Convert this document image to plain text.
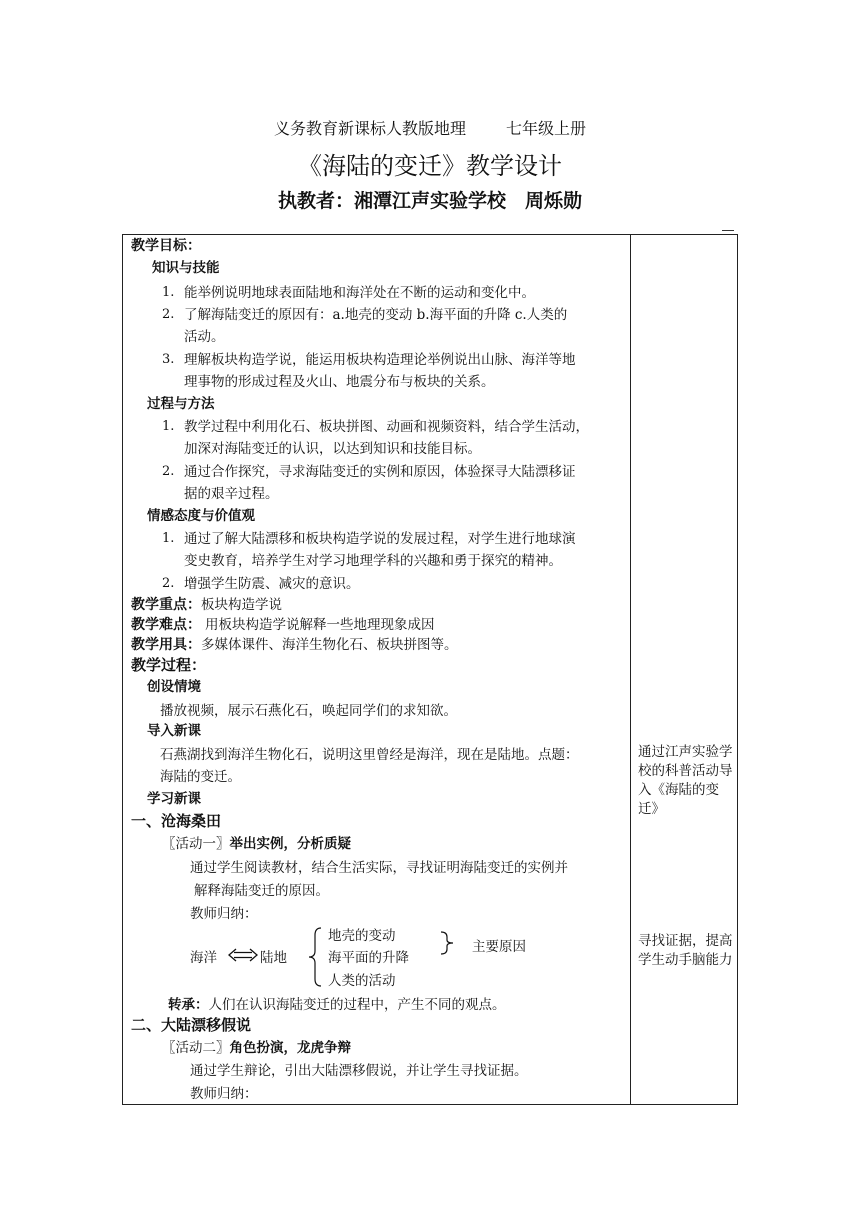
义务教育新课标人教版地理	七年级上册
《海陆的变迁》教学设计
执教者：湘潭江声实验学校　周烁勋
教学目标：
知识与技能
1. 能举例说明地球表面陆地和海洋处在不断的运动和变化中。
2. 了解海陆变迁的原因有：a.地壳的变动 b.海平面的升降 c.人类的
活动。
3. 理解板块构造学说，能运用板块构造理论举例说出山脉、海洋等地
理事物的形成过程及火山、地震分布与板块的关系。
过程与方法
1. 教学过程中利用化石、板块拼图、动画和视频资料，结合学生活动，
加深对海陆变迁的认识，以达到知识和技能目标。
2. 通过合作探究，寻求海陆变迁的实例和原因，体验探寻大陆漂移证
据的艰辛过程。
情感态度与价值观
1. 通过了解大陆漂移和板块构造学说的发展过程，对学生进行地球演
变史教育，培养学生对学习地理学科的兴趣和勇于探究的精神。
2. 增强学生防震、减灾的意识。
教学重点：板块构造学说
教学难点： 用板块构造学说解释一些地理现象成因
教学用具：多媒体课件、海洋生物化石、板块拼图等。
教学过程：
创设情境
播放视频，展示石燕化石，唤起同学们的求知欲。
导入新课
石燕湖找到海洋生物化石，说明这里曾经是海洋，现在是陆地。点题：
海陆的变迁。
学习新课
一、沧海桑田
〖活动一〗举出实例，分析质疑
通过学生阅读教材，结合生活实际，寻找证明海陆变迁的实例并
解释海陆变迁的原因。
教师归纳：
海洋	陆地
地壳的变动
海平面的升降
人类的活动
主要原因
转承：人们在认识海陆变迁的过程中，产生不同的观点。
二、大陆漂移假说
〖活动二〗角色扮演，龙虎争辩
通过学生辩论，引出大陆漂移假说，并让学生寻找证据。
教师归纳：
通过江声实验学校的科普活动导入《海陆的变迁》
寻找证据，提高学生动手脑能力
